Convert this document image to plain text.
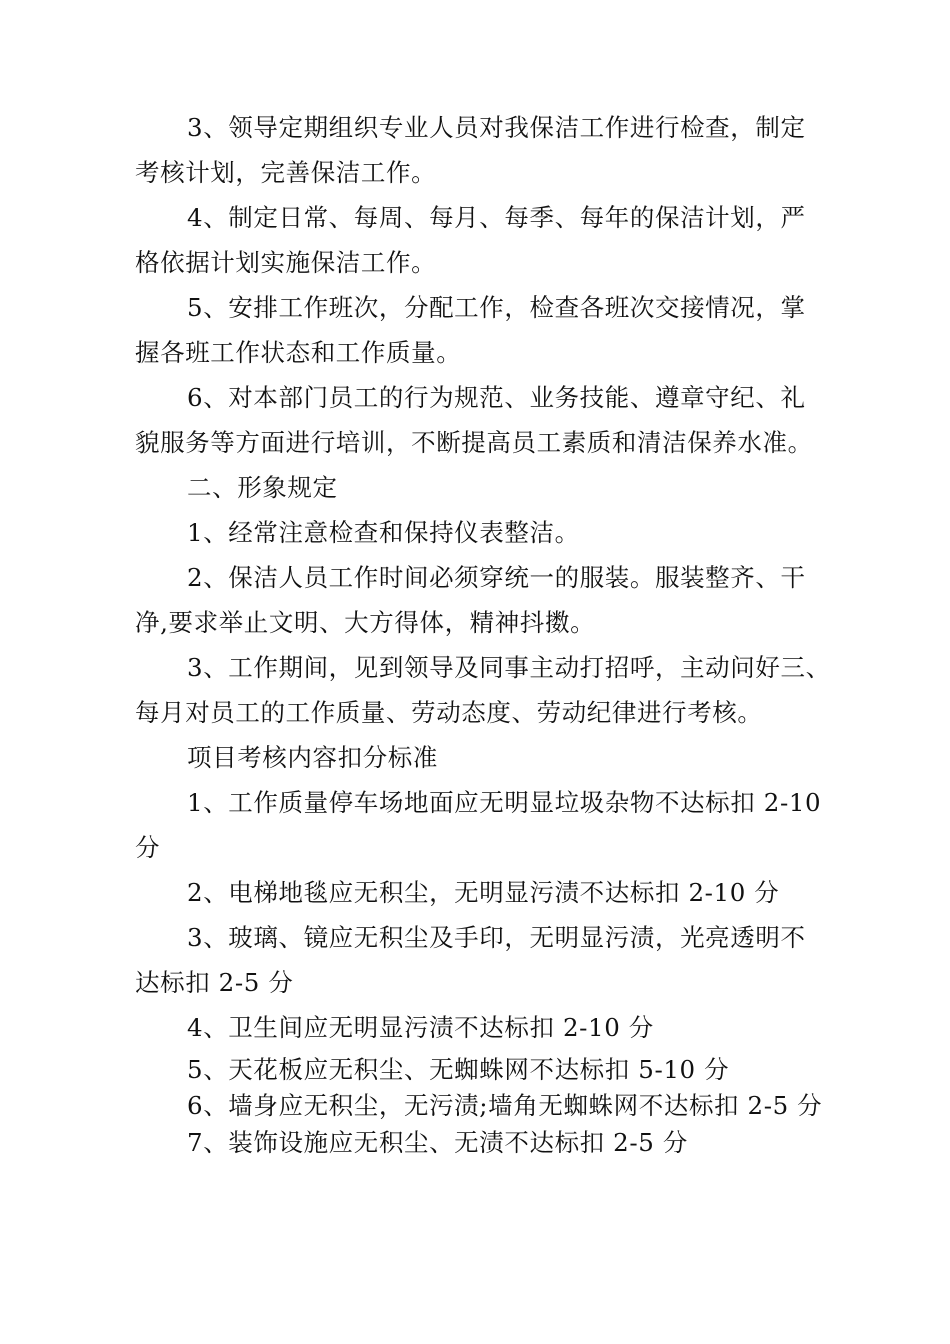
3、领导定期组织专业人员对我保洁工作进行检查，制定
考核计划，完善保洁工作。
4、制定日常、每周、每月、每季、每年的保洁计划，严
格依据计划实施保洁工作。
5、安排工作班次，分配工作，检查各班次交接情况，掌
握各班工作状态和工作质量。
6、对本部门员工的行为规范、业务技能、遵章守纪、礼
貌服务等方面进行培训，不断提高员工素质和清洁保养水准。
二、形象规定
1、经常注意检查和保持仪表整洁。
2、保洁人员工作时间必须穿统一的服装。服装整齐、干
净,要求举止文明、大方得体，精神抖擞。
3、工作期间，见到领导及同事主动打招呼，主动问好三、
每月对员工的工作质量、劳动态度、劳动纪律进行考核。
项目考核内容扣分标准
1、工作质量停车场地面应无明显垃圾杂物不达标扣 2-10
分
2、电梯地毯应无积尘，无明显污渍不达标扣 2-10 分
3、玻璃、镜应无积尘及手印，无明显污渍，光亮透明不
达标扣 2-5 分
4、卫生间应无明显污渍不达标扣 2-10 分
5、天花板应无积尘、无蜘蛛网不达标扣 5-10 分
6、墙身应无积尘，无污渍;墙角无蜘蛛网不达标扣 2-5 分
7、装饰设施应无积尘、无渍不达标扣 2-5 分
